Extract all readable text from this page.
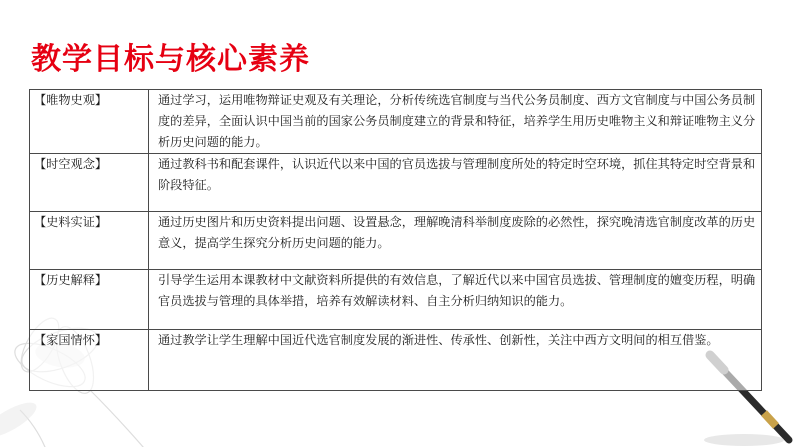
教学目标与核心素养
【唯物史观】	通过学习，运用唯物辩证史观及有关理论，分析传统选官制度与当代公务员制度、西方文官制度与中国公务员制度的差异，全面认识中国当前的国家公务员制度建立的背景和特征，培养学生用历史唯物主义和辩证唯物主义分析历史问题的能力。
【时空观念】	通过教科书和配套课件，认识近代以来中国的官员选拔与管理制度所处的特定时空环境，抓住其特定时空背景和阶段特征。
【史料实证】	通过历史图片和历史资料提出问题、设置悬念，理解晚清科举制度废除的必然性，探究晚清选官制度改革的历史意义，提高学生探究分析历史问题的能力。
【历史解释】	引导学生运用本课教材中文献资料所提供的有效信息，了解近代以来中国官员选拔、管理制度的嬗变历程，明确官员选拔与管理的具体举措，培养有效解读材料、自主分析归纳知识的能力。
【家国情怀】	通过教学让学生理解中国近代选官制度发展的渐进性、传承性、创新性，关注中西方文明间的相互借鉴。
